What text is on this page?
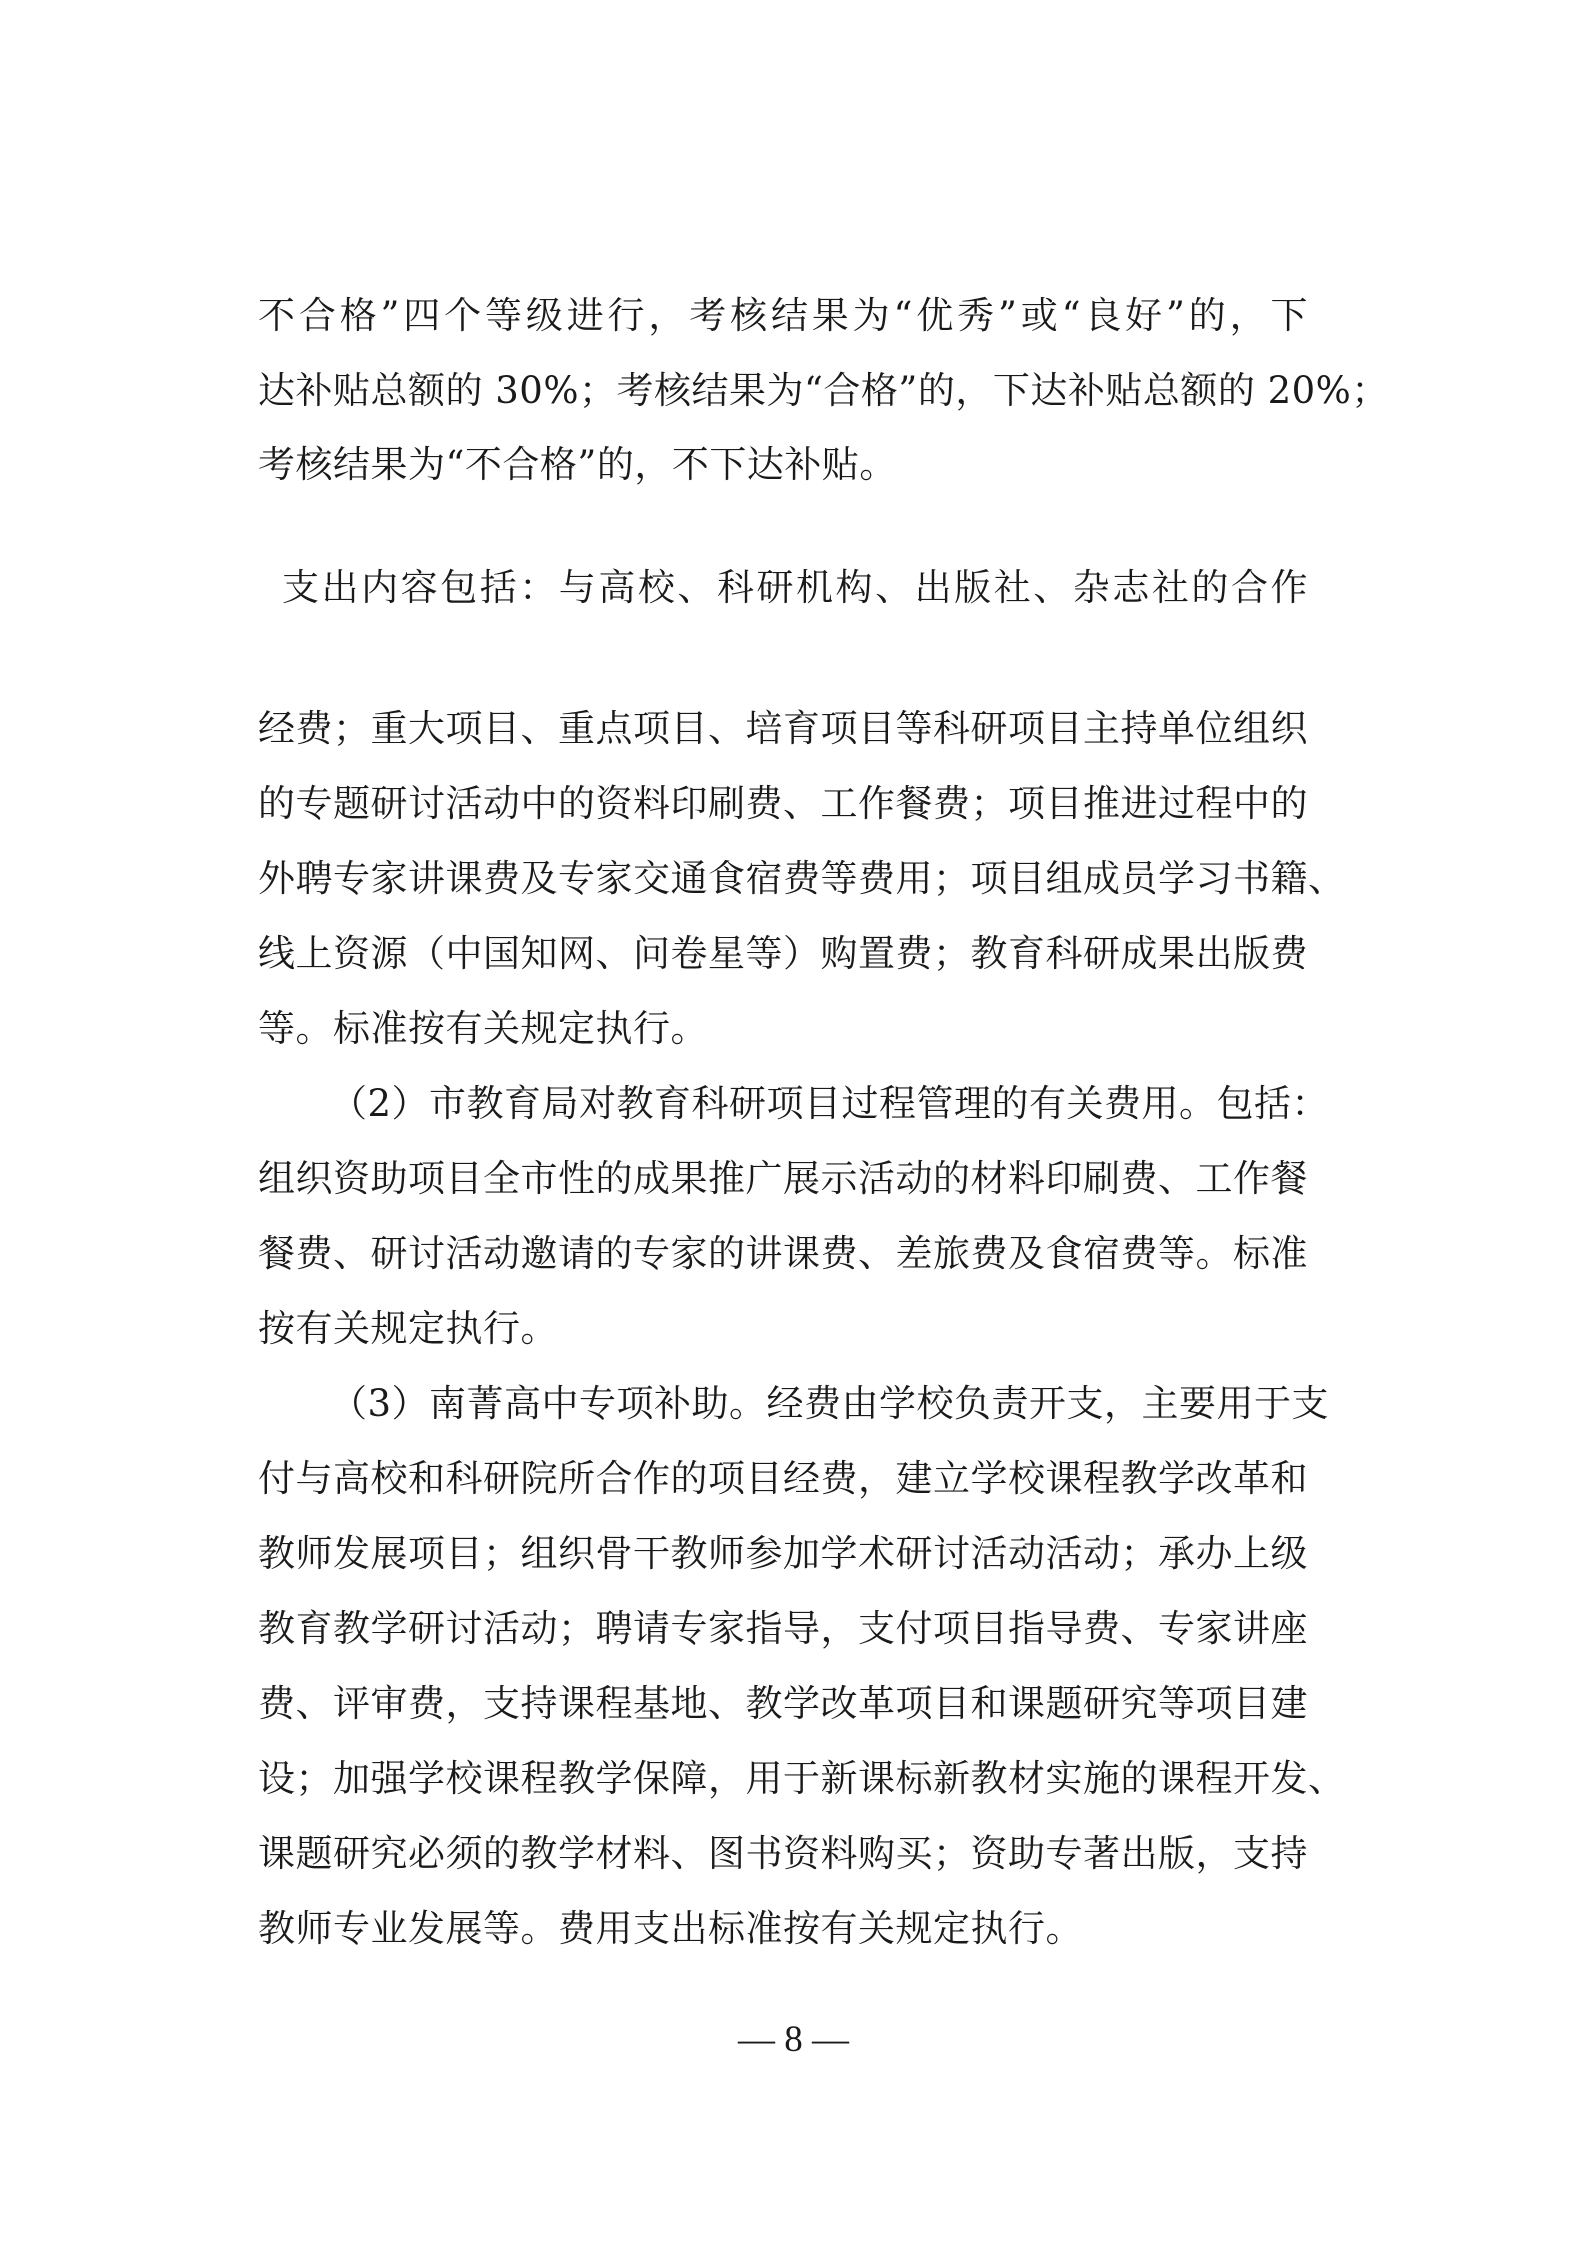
不合格”四个等级进行，考核结果为“优秀”或“良好”的，下
达补贴总额的 30%；考核结果为“合格”的，下达补贴总额的 20%；
考核结果为“不合格”的，不下达补贴。
支出内容包括：与高校、科研机构、出版社、杂志社的合作
经费；重大项目、重点项目、培育项目等科研项目主持单位组织
的专题研讨活动中的资料印刷费、工作餐费；项目推进过程中的
外聘专家讲课费及专家交通食宿费等费用；项目组成员学习书籍、
线上资源（中国知网、问卷星等）购置费；教育科研成果出版费
等。标准按有关规定执行。
（2）市教育局对教育科研项目过程管理的有关费用。包括：
组织资助项目全市性的成果推广展示活动的材料印刷费、工作餐
餐费、研讨活动邀请的专家的讲课费、差旅费及食宿费等。标准
按有关规定执行。
（3）南菁高中专项补助。经费由学校负责开支，主要用于支
付与高校和科研院所合作的项目经费，建立学校课程教学改革和
教师发展项目；组织骨干教师参加学术研讨活动活动；承办上级
教育教学研讨活动；聘请专家指导，支付项目指导费、专家讲座
费、评审费，支持课程基地、教学改革项目和课题研究等项目建
设；加强学校课程教学保障，用于新课标新教材实施的课程开发、
课题研究必须的教学材料、图书资料购买；资助专著出版，支持
教师专业发展等。费用支出标准按有关规定执行。
— 8 —
